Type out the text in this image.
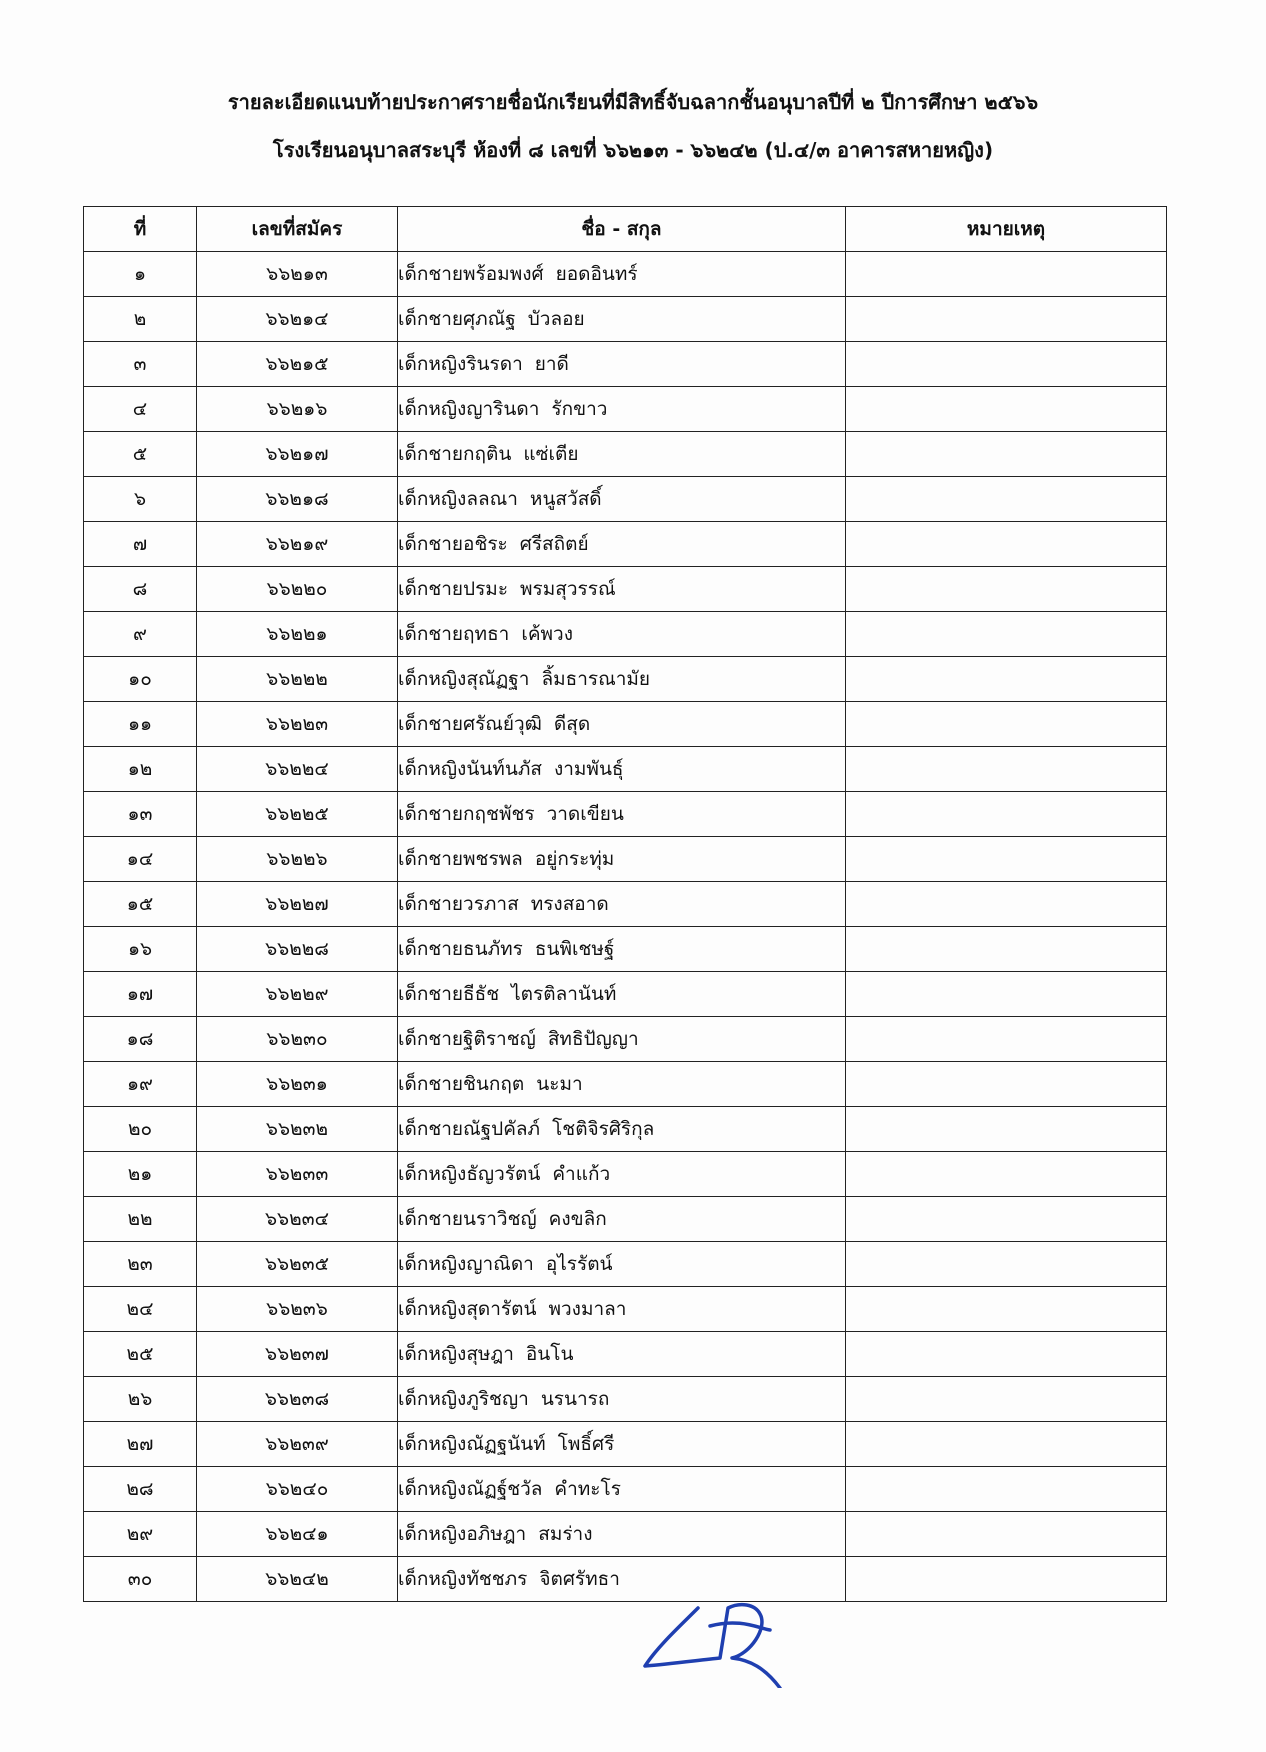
รายละเอียดแนบท้ายประกาศรายชื่อนักเรียนที่มีสิทธิ์จับฉลากชั้นอนุบาลปีที่ ๒ ปีการศึกษา ๒๕๖๖
โรงเรียนอนุบาลสระบุรี ห้องที่ ๘ เลขที่ ๖๖๒๑๓ - ๖๖๒๔๒ (ป.๔/๓ อาคารสหายหญิง)
ที่	เลขที่สมัคร	ชื่อ - สกุล	หมายเหตุ
๑	๖๖๒๑๓	เด็กชายพร้อมพงศ์ ยอดอินทร์	
๒	๖๖๒๑๔	เด็กชายศุภณัฐ บัวลอย	
๓	๖๖๒๑๕	เด็กหญิงรินรดา ยาดี	
๔	๖๖๒๑๖	เด็กหญิงญารินดา รักขาว	
๕	๖๖๒๑๗	เด็กชายกฤติน แซ่เตีย	
๖	๖๖๒๑๘	เด็กหญิงลลณา หนูสวัสดิ์	
๗	๖๖๒๑๙	เด็กชายอชิระ ศรีสถิตย์	
๘	๖๖๒๒๐	เด็กชายปรมะ พรมสุวรรณ์	
๙	๖๖๒๒๑	เด็กชายฤทธา เค้พวง	
๑๐	๖๖๒๒๒	เด็กหญิงสุณัฏฐา ลิ้มธารณามัย	
๑๑	๖๖๒๒๓	เด็กชายศรัณย์วุฒิ ดีสุด	
๑๒	๖๖๒๒๔	เด็กหญิงนันท์นภัส งามพันธุ์	
๑๓	๖๖๒๒๕	เด็กชายกฤชพัชร วาดเขียน	
๑๔	๖๖๒๒๖	เด็กชายพชรพล อยู่กระทุ่ม	
๑๕	๖๖๒๒๗	เด็กชายวรภาส ทรงสอาด	
๑๖	๖๖๒๒๘	เด็กชายธนภัทร ธนพิเชษฐ์	
๑๗	๖๖๒๒๙	เด็กชายธีธัช ไตรติลานันท์	
๑๘	๖๖๒๓๐	เด็กชายฐิติราชญ์ สิทธิปัญญา	
๑๙	๖๖๒๓๑	เด็กชายชินกฤต นะมา	
๒๐	๖๖๒๓๒	เด็กชายณัฐปคัลภ์ โชติจิรศิริกุล	
๒๑	๖๖๒๓๓	เด็กหญิงธัญวรัตน์ คำแก้ว	
๒๒	๖๖๒๓๔	เด็กชายนราวิชญ์ คงขลิก	
๒๓	๖๖๒๓๕	เด็กหญิงญาณิดา อุไรรัตน์	
๒๔	๖๖๒๓๖	เด็กหญิงสุดารัตน์ พวงมาลา	
๒๕	๖๖๒๓๗	เด็กหญิงสุษฎา อินโน	
๒๖	๖๖๒๓๘	เด็กหญิงภูริชญา นรนารถ	
๒๗	๖๖๒๓๙	เด็กหญิงณัฏฐนันท์ โพธิ์ศรี	
๒๘	๖๖๒๔๐	เด็กหญิงณัฏฐ์ชวัล คำทะโร	
๒๙	๖๖๒๔๑	เด็กหญิงอภิษฎา สมร่าง	
๓๐	๖๖๒๔๒	เด็กหญิงทัชชภร จิตศรัทธา	
